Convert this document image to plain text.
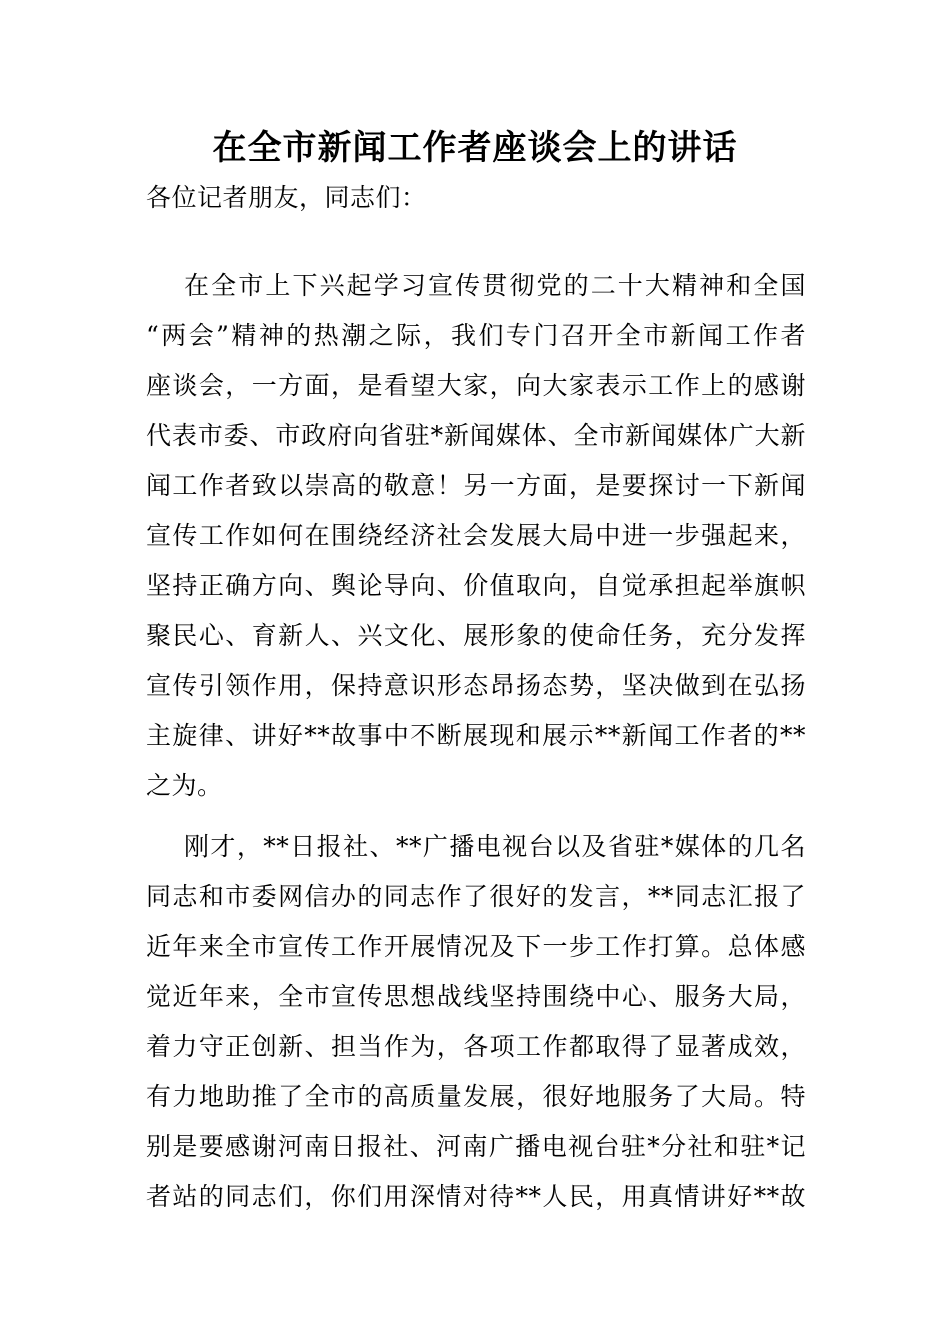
在全市新闻工作者座谈会上的讲话
各位记者朋友，同志们：
在全市上下兴起学习宣传贯彻党的二十大精神和全国
“两会”精神的热潮之际，我们专门召开全市新闻工作者
座谈会，一方面，是看望大家，向大家表示工作上的感谢
代表市委、市政府向省驻*新闻媒体、全市新闻媒体广大新
闻工作者致以崇高的敬意！另一方面，是要探讨一下新闻
宣传工作如何在围绕经济社会发展大局中进一步强起来，
坚持正确方向、舆论导向、价值取向，自觉承担起举旗帜
聚民心、育新人、兴文化、展形象的使命任务，充分发挥
宣传引领作用，保持意识形态昂扬态势，坚决做到在弘扬
主旋律、讲好**故事中不断展现和展示**新闻工作者的**
之为。
刚才，**日报社、**广播电视台以及省驻*媒体的几名
同志和市委网信办的同志作了很好的发言，**同志汇报了
近年来全市宣传工作开展情况及下一步工作打算。总体感
觉近年来，全市宣传思想战线坚持围绕中心、服务大局，
着力守正创新、担当作为，各项工作都取得了显著成效，
有力地助推了全市的高质量发展，很好地服务了大局。特
别是要感谢河南日报社、河南广播电视台驻*分社和驻*记
者站的同志们，你们用深情对待**人民，用真情讲好**故
